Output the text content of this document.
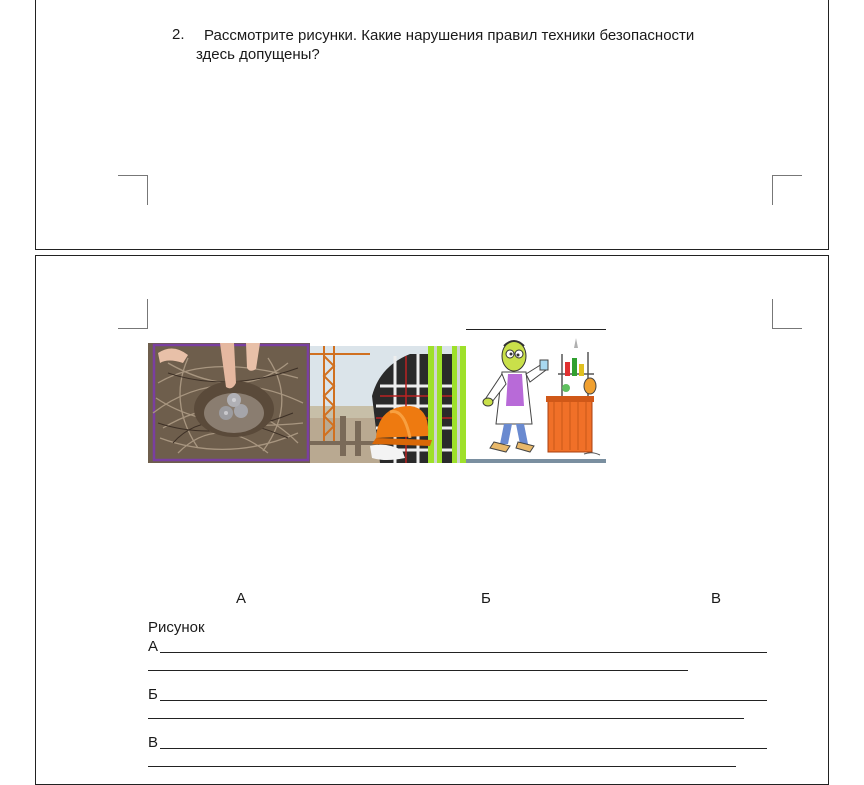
2.	Рассмотрите рисунки. Какие нарушения правил техники безопасности
здесь допущены?
А	Б	В
Рисунок
А
Б
В
